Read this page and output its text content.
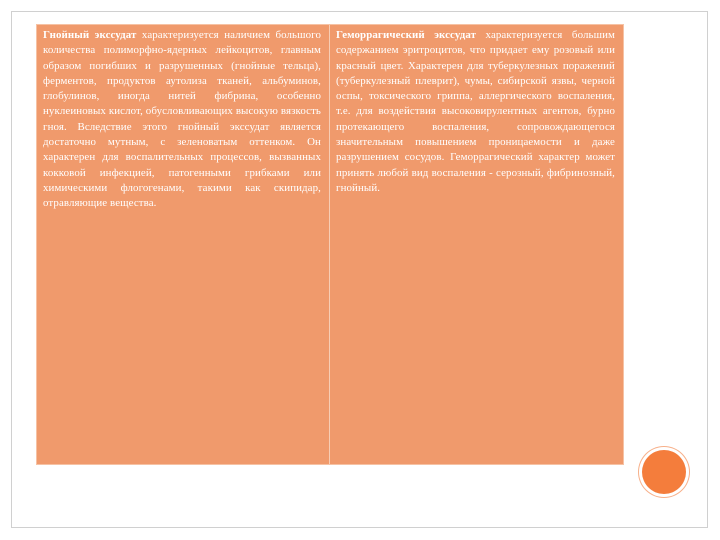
Гнойный экссудат характеризуется наличием большого количества полиморфно-ядерных лейкоцитов, главным образом погибших и разрушенных (гнойные тельца), ферментов, продуктов аутолиза тканей, альбуминов, глобулинов, иногда нитей фибрина, особенно нуклеиновых кислот, обусловливающих высокую вязкость гноя. Вследствие этого гнойный экссудат является достаточно мутным, с зеленоватым оттенком. Он характерен для воспалительных процессов, вызванных кокковой инфекцией, патогенными грибками или химическими флогогенами, такими как скипидар, отравляющие вещества.

Геморрагический экссудат характеризуется большим содержанием эритроцитов, что придает ему розовый или красный цвет. Характерен для туберкулезных поражений (туберкулезный плеврит), чумы, сибирской язвы, черной оспы, токсического гриппа, аллергического воспаления, т.е. для воздействия высоковирулентных агентов, бурно протекающего воспаления, сопровождающегося значительным повышением проницаемости и даже разрушением сосудов. Геморрагический характер может принять любой вид воспаления - серозный, фибринозный, гнойный.
